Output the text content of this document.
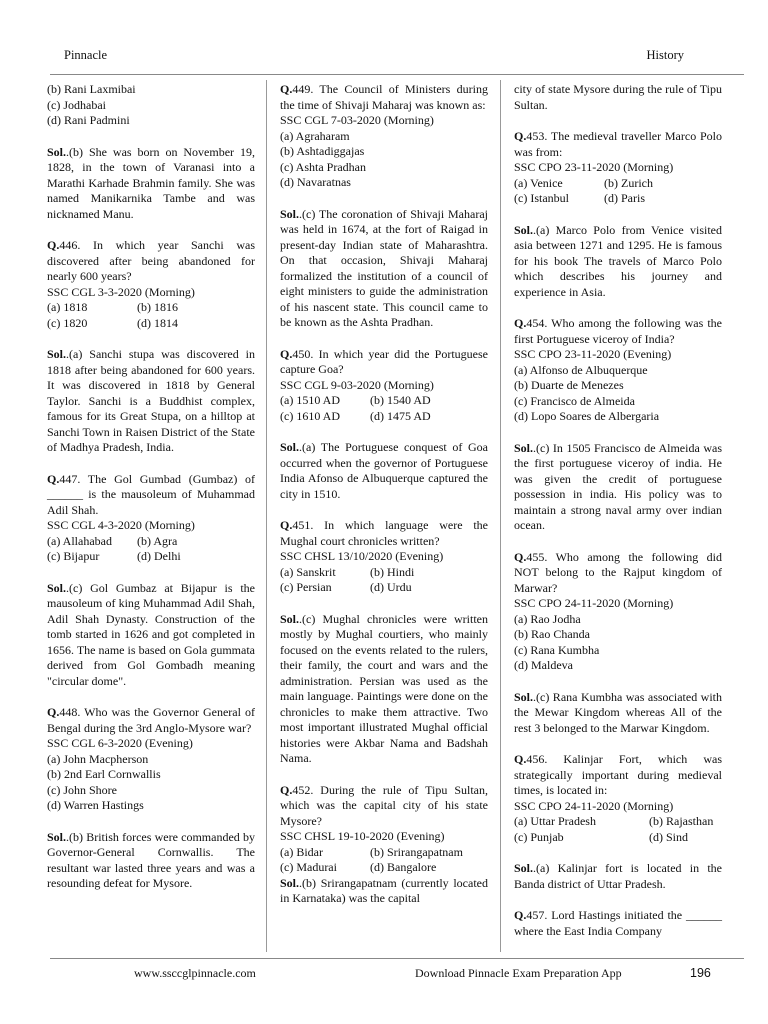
Pinnacle	History

(b) Rani Laxmibai

(c) Jodhabai

(d) Rani Padmini

Sol..(b) She was born on November 19, 1828, in the town of Varanasi into a Marathi Karhade Brahmin family. She was named Manikarnika Tambe and was nicknamed Manu.

Q.446. In which year Sanchi was discovered after being abandoned for nearly 600 years?

SSC CGL 3-3-2020 (Morning)

(a) 1818	(b) 1816
(c) 1820	(d) 1814

Sol..(a) Sanchi stupa was discovered in 1818 after being abandoned for 600 years. It was discovered in 1818 by General Taylor. Sanchi is a Buddhist complex, famous for its Great Stupa, on a hilltop at Sanchi Town in Raisen District of the State of Madhya Pradesh, India.

Q.447. The Gol Gumbad (Gumbaz) of ______ is the mausoleum of Muhammad Adil Shah.

SSC CGL 4-3-2020 (Morning)

(a) Allahabad	(b) Agra
(c) Bijapur	(d) Delhi

Sol..(c) Gol Gumbaz at Bijapur is the mausoleum of king Muhammad Adil Shah, Adil Shah Dynasty. Construction of the tomb started in 1626 and got completed in 1656. The name is based on Gola gummata derived from Gol Gombadh meaning "circular dome".

Q.448. Who was the Governor General of Bengal during the 3rd Anglo-Mysore war?

SSC CGL 6-3-2020 (Evening)

(a) John Macpherson

(b) 2nd Earl Cornwallis

(c) John Shore

(d) Warren Hastings

Sol..(b) British forces were commanded by Governor-General Cornwallis. The resultant war lasted three years and was a resounding defeat for Mysore.

Q.449. The Council of Ministers during the time of Shivaji Maharaj was known as:

SSC CGL 7-03-2020 (Morning)

(a) Agraharam

(b) Ashtadiggajas

(c) Ashta Pradhan

(d) Navaratnas

Sol..(c) The coronation of Shivaji Maharaj was held in 1674, at the fort of Raigad in present-day Indian state of Maharashtra. On that occasion, Shivaji Maharaj formalized the institution of a council of eight ministers to guide the administration of his nascent state. This council came to be known as the Ashta Pradhan.

Q.450. In which year did the Portuguese capture Goa?

SSC CGL 9-03-2020 (Morning)

(a) 1510 AD	(b) 1540 AD
(c) 1610 AD	(d) 1475 AD

Sol..(a) The Portuguese conquest of Goa occurred when the governor of Portuguese India Afonso de Albuquerque captured the city in 1510.

Q.451. In which language were the Mughal court chronicles written?

SSC CHSL 13/10/2020 (Evening)

(a) Sanskrit	(b) Hindi
(c) Persian	(d) Urdu

Sol..(c) Mughal chronicles were written mostly by Mughal courtiers, who mainly focused on the events related to the rulers, their family, the court and wars and the administration. Persian was used as the main language. Paintings were done on the chronicles to make them attractive. Two most important illustrated Mughal official histories were Akbar Nama and Badshah Nama.

Q.452. During the rule of Tipu Sultan, which was the capital city of his state Mysore?

SSC CHSL 19-10-2020 (Evening)

(a) Bidar	(b) Srirangapatnam
(c) Madurai	(d) Bangalore

Sol..(b) Srirangapatnam (currently located in Karnataka) was the capital

city of state Mysore during the rule of Tipu Sultan.

Q.453. The medieval traveller Marco Polo was from:

SSC CPO 23-11-2020 (Morning)

(a) Venice	(b) Zurich
(c) Istanbul	(d) Paris

Sol..(a) Marco Polo from Venice visited asia between 1271 and 1295. He is famous for his book The travels of Marco Polo which describes his journey and experience in Asia.

Q.454. Who among the following was the first Portuguese viceroy of India?

SSC CPO 23-11-2020 (Evening)

(a) Alfonso de Albuquerque

(b) Duarte de Menezes

(c) Francisco de Almeida

(d) Lopo Soares de Albergaria

Sol..(c) In 1505 Francisco de Almeida was the first portuguese viceroy of india. He was given the credit of portuguese possession in india. His policy was to maintain a strong naval army over indian ocean.

Q.455. Who among the following did NOT belong to the Rajput kingdom of Marwar?

SSC CPO 24-11-2020 (Morning)

(a) Rao Jodha

(b) Rao Chanda

(c) Rana Kumbha

(d) Maldeva

Sol..(c) Rana Kumbha was associated with the Mewar Kingdom whereas All of the rest 3 belonged to the Marwar Kingdom.

Q.456. Kalinjar Fort, which was strategically important during medieval times, is located in:

SSC CPO 24-11-2020 (Morning)

(a) Uttar Pradesh	(b) Rajasthan
(c) Punjab	(d) Sind

Sol..(a) Kalinjar fort is located in the Banda district of Uttar Pradesh.

Q.457. Lord Hastings initiated the ______ where the East India Company

www.ssccglpinnacle.com	Download Pinnacle Exam Preparation App	196
